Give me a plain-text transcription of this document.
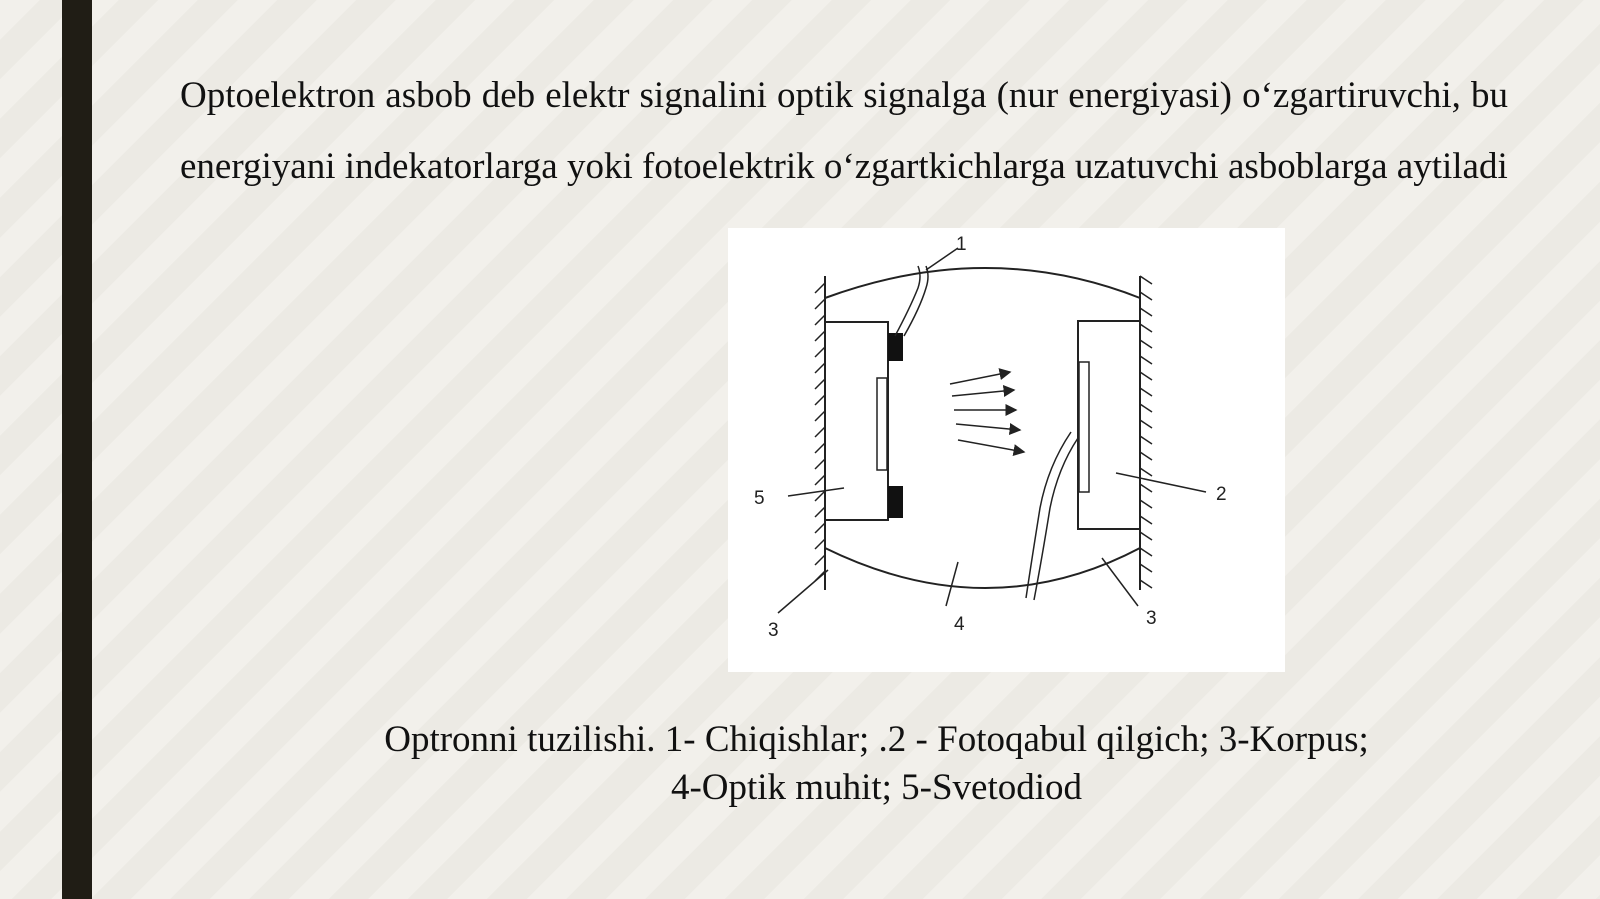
Optoelektron asbob deb elektr signalini optik signalga (nur energiyasi) o‘zgartiruvchi, bu energiyani indekatorlarga yoki fotoelektrik o‘zgartkichlarga uzatuvchi asboblarga aytiladi

1
2
3
3
4
5
Optronni tuzilishi. 1- Chiqishlar; .2 - Fotoqabul qilgich; 3-Korpus;
4-Optik muhit; 5-Svetodiod
